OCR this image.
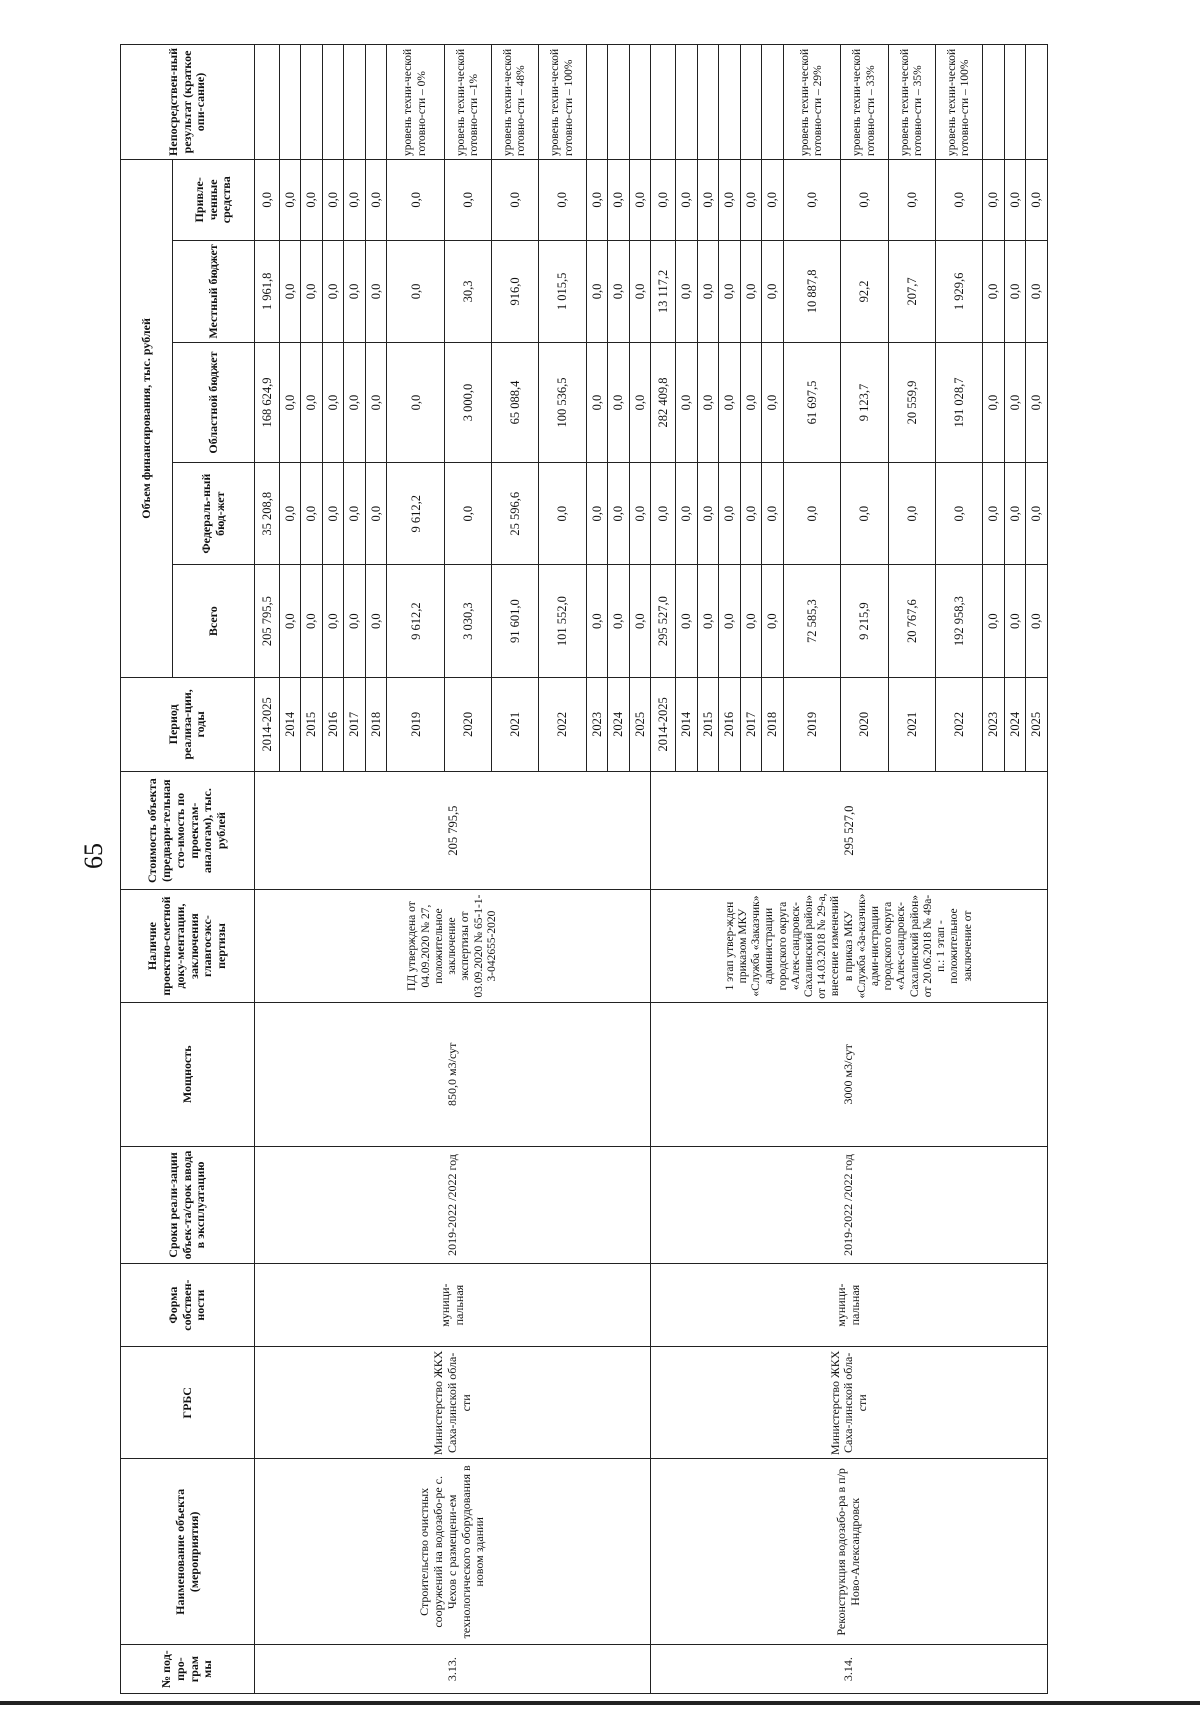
65
№ под-про-грам мы	Наименование объекта (мероприятия)	ГРБС	Форма собствен-ности	Сроки реали-зации объек-та/срок ввода в эксплуатацию	Мощность	Наличие проектно-сметной доку-ментации, заключения главгосэкс-пертизы	Стоимость объекта (предвари-тельная сто-имость по проектам-аналогам), тыс. рублей	Период реализа-ции, годы	Объем финансирования, тыс. рублей					Непосредствен-ный результат (краткое опи-сание)
									Всего	Федераль-ный бюд-жет	Областной бюджет	Местный бюджет	Привле-ченные средства	
3.13.	Строительство очистных сооружений на водозабо-ре с. Чехов с размещени-ем технологического оборудования в новом здании	Министерство ЖКХ Саха-линской обла-сти	муници-пальная	2019-2022 /2022 год	850,0 м3/сут	ПД утверждена от 04.09.2020 № 27, положительное заключение экспертизы от 03.09.2020 № 65-1-1-3-042655-2020	205 795,5	2014-2025	205 795,5	35 208,8	168 624,9	1 961,8	0,0	
								2014	0,0	0,0	0,0	0,0	0,0	
								2015	0,0	0,0	0,0	0,0	0,0	
								2016	0,0	0,0	0,0	0,0	0,0	
								2017	0,0	0,0	0,0	0,0	0,0	
								2018	0,0	0,0	0,0	0,0	0,0	
								2019	9 612,2	9 612,2	0,0	0,0	0,0	уровень техни-ческой готовно-сти – 0%
								2020	3 030,3	0,0	3 000,0	30,3	0,0	уровень техни-ческой готовно-сти –1%
								2021	91 601,0	25 596,6	65 088,4	916,0	0,0	уровень техни-ческой готовно-сти – 48%
								2022	101 552,0	0,0	100 536,5	1 015,5	0,0	уровень техни-ческой готовно-сти – 100%
								2023	0,0	0,0	0,0	0,0	0,0	
								2024	0,0	0,0	0,0	0,0	0,0	
								2025	0,0	0,0	0,0	0,0	0,0	
3.14.	Реконструкция водозабо-ра в п/р Ново-Александровск	Министерство ЖКХ Саха-линской обла-сти	муници-пальная	2019-2022 /2022 год	3000 м3/сут	1 этап утвер-жден приказом МКУ «Служба «Заказчик» администрации городского округа «Алек-сандровск-Сахалинский район» от 14.03.2018 № 29-а, внесение изменений в приказ МКУ «Служба «За-казчик» адми-нистрации городского округа «Алек-сандровск-Сахалинский район» от 20.06.2018 № 49а-п.: 1 этап - положительное заключение от	295 527,0	2014-2025	295 527,0	0,0	282 409,8	13 117,2	0,0	
								2014	0,0	0,0	0,0	0,0	0,0	
								2015	0,0	0,0	0,0	0,0	0,0	
								2016	0,0	0,0	0,0	0,0	0,0	
								2017	0,0	0,0	0,0	0,0	0,0	
								2018	0,0	0,0	0,0	0,0	0,0	
								2019	72 585,3	0,0	61 697,5	10 887,8	0,0	уровень техни-ческой готовно-сти – 29%
								2020	9 215,9	0,0	9 123,7	92,2	0,0	уровень техни-ческой готовно-сти – 33%
								2021	20 767,6	0,0	20 559,9	207,7	0,0	уровень техни-ческой готовно-сти – 35%
								2022	192 958,3	0,0	191 028,7	1 929,6	0,0	уровень техни-ческой готовно-сти – 100%
								2023	0,0	0,0	0,0	0,0	0,0	
								2024	0,0	0,0	0,0	0,0	0,0	
								2025	0,0	0,0	0,0	0,0	0,0	
